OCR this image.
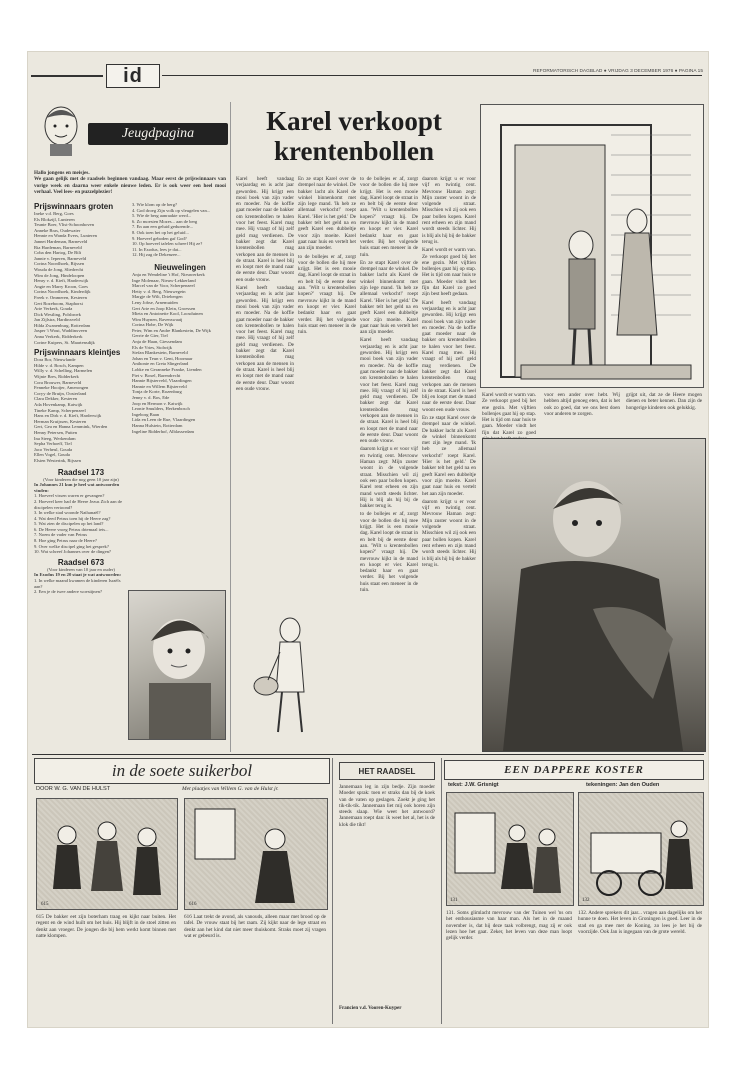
id	REFORMATORISCH DAGBLAD ● VRIJDAG 3 DECEMBER 1976 ● PAGINA 15
Jeugdpagina
Hallo jongens en meisjes.
We gaan gelijk met de raadsels beginnen vandaag. Maar eerst de prijswinnaars van vorige week en daarna weer enkele nieuwe leden. Er is ook weer een heel mooi verhaal. Veel lees- en puzzelplezier!
Prijswinnaars groten
Ineke v.d. Berg, Goes
Els Blokzijl, Lunteren
Teunie Boer, Vlist-Schoonhoven
Anneke Bras, Oudewater
Hennie en Wanda Evers, Lunteren
Jannet Hardeman, Barneveld
Ria Hardeman, Barneveld
Coba den Hartog, De Bilt
Jannie v. Ieperen, Barneveld
Corina Noordhoek, Rijssen
Wouda de Jong, Sliedrecht
Wim de Jong, Hindeloopen
Henry v. d. Kieft, Harderwijk
Angie en Marry Kroon, Goes
Corina Noordhoek, Kinderdijk
Freek v. Ommeren, Kesteren
Gert Rozeboom, Staphorst
Arie Verkerk, Gouda
Dick Westling, Polsbroek
Jan Zijlstra, Hardinxveld
Hilda Zwanenburg, Rotterdam
Jasper 't Wout, Waddinxveen
Anna Verkerk, Ridderkerk
Corine Kuipers, St. Maartensdijk
Prijswinnaars kleintjes
Dora Bor, Nieuwlande
Hilde v. d. Bosch, Kampen
Willy v. d. Schelling, Harmelen
Wijnie Bres, Ridderkerk
Cora Brouwer, Barneveld
Fenneke Hooijer, Amerongen
Coryy de Bruijn, Oosterland
Clara Dekker, Kesteren
Ada Hovenkamp, Katwijk
Tineke Kamp, Scherpenzeel
Hans en Dirk v. d. Kieft, Harderwijk
Herman Kruijssen, Kesteren
Gert, Gea en Hanna Lemmink, Wierden
Henny Petersen, Putten
Ina Steeg, Werkendam
Sepha Verhoeff, Tiel
Jaco Verheul, Gouda
Ellen Vogel, Gouda
Elsien Westerink, Rijssen
Raadsel 173
(Voor kinderen die nog geen 10 jaar zijn)
In Johannes 21 kun je heel wat antwoorden vinden:
1. Hoeveel vissen waren er gevangen?
2. Hoeveel keer had de Heere Jezus Zich aan de discipelen vertoond?
3. In welke stad woonde Nathanaël?
4. Wat deed Petrus toen hij de Heere zag?
5. Wat zien de discipelen op het land?
6. De Heere vroeg Petrus driemaal iets...
7. Noem de vader van Petrus
8. Hoe ging Petrus naar de Heere?
9. Over welke discipel ging het gesprek?
10. Wat schreef Johannes over de dingen?
Raadsel 673
(Voor kinderen van 10 jaar en ouder)
In Exodus 19 en 20 staat je wat antwoorden:
1. In welke maand kwamen de kinderen Israëls aan?
2. Een je de twee andere woestijnen?
3. Wie klom op de berg?
4. God droeg Zijn volk op vleugelen van...
5. Wie de berg aanraakte werd...
6. Zo moesten Mozes... aan de berg
7. En aan een geluid gedurende...
8. Ook toen het op het geluid...
9. Hoeveel geboden gaf God?
10. Op hoeveel tafelen schreef Hij ze?
11. In Exodus, lees je dat...
12. Hij zag de Dekenzee...
Nieuwelingen
Anja en Wendeline 't Hof, Nieuwerkerk
Inge Molenaar, Nieuw-Lekkerland
Marcel van de Voor, Scherpenzeel
Hetty v. d. Berg, Nieuwegein
Margje de Wilt, Driebergen
Leny Jobse, Arnemuiden
Gert Arie en Joop Klein, Groessen
Mieta en Antoinette Kool, Loosduinen
Wim Huynen, Ravenswaaij
Corina Hobe, De Wijk
Peter, Wim en Andre Blankestein, De Wijk
Gerrie de Gier, Tiel
Anja de Haan, Giessendam
Els de Vries, Stolwijk
Stefan Blankestein, Barneveld
Johan en Teun v. Gent, Hoornaar
Anthonie en Greta Slingerland
Lobke en Geranneke Franke, Lienden
Piet v. Boxel, Barendrecht
Hannie Bijsterveld, Vlaardingen
Hannie en Willem Bijsterveld
Tonja de Korte, Rozenburg
Jenny v. d. Bos, Ede
Joop en Hermon v. Katwijk
Leonie Smulders, Herkenbosch
Ingeborg Baan
Lida en Leen de Rue, Vlaardingen
Hanna Hulstein, Rotterdam
Ingeline Ridderhof, Alblasserdam
Karel verkoopt
krentenbollen

Karel heeft vandaag verjaardag en is acht jaar geworden. Hij krijgt een mooi boek van zijn vader en moeder. Na de koffie gaat moeder naar de bakker om krentenbollen te halen voor het feest. Karel mag mee. Hij vraagt of hij zelf geld mag verdienen. De bakker zegt dat Karel krentenbollen mag verkopen aan de mensen in de straat. Karel is heel blij en loopt met de mand naar de eerste deur. Daar woont een oude vrouw.

Karel heeft vandaag verjaardag en is acht jaar geworden. Hij krijgt een mooi boek van zijn vader en moeder. Na de koffie gaat moeder naar de bakker om krentenbollen te halen voor het feest. Karel mag mee. Hij vraagt of hij zelf geld mag verdienen. De bakker zegt dat Karel krentenbollen mag verkopen aan de mensen in de straat. Karel is heel blij en loopt met de mand naar de eerste deur. Daar woont een oude vrouw.

En ze stapt Karel over de drempel naar de winkel. De bakker lacht als Karel de winkel binnenkomt met zijn lege mand. 'Ik heb ze allemaal verkocht!' roept Karel. 'Hier is het geld.' De bakker telt het geld na en geeft Karel een dubbeltje voor zijn moeite. Karel gaat naar huis en vertelt het aan zijn moeder.

to de bollejes er af, zorgt voor de bollen die hij mee krijgt. Het is een mooie dag. Karel loopt de straat in en belt bij de eerste deur aan. 'Wilt u krentenbollen kopen?' vraagt hij. De mevrouw kijkt in de mand en koopt er vier. Karel bedankt haar en gaat verder. Bij het volgende huis staat een meneer in de tuin.

to de bollejes er af, zorgt voor de bollen die hij mee krijgt. Het is een mooie dag. Karel loopt de straat in en belt bij de eerste deur aan. 'Wilt u krentenbollen kopen?' vraagt hij. De mevrouw kijkt in de mand en koopt er vier. Karel bedankt haar en gaat verder. Bij het volgende huis staat een meneer in de tuin.

En ze stapt Karel over de drempel naar de winkel. De bakker lacht als Karel de winkel binnenkomt met zijn lege mand. 'Ik heb ze allemaal verkocht!' roept Karel. 'Hier is het geld.' De bakker telt het geld na en geeft Karel een dubbeltje voor zijn moeite. Karel gaat naar huis en vertelt het aan zijn moeder.

Karel heeft vandaag verjaardag en is acht jaar geworden. Hij krijgt een mooi boek van zijn vader en moeder. Na de koffie gaat moeder naar de bakker om krentenbollen te halen voor het feest. Karel mag mee. Hij vraagt of hij zelf geld mag verdienen. De bakker zegt dat Karel krentenbollen mag verkopen aan de mensen in de straat. Karel is heel blij en loopt met de mand naar de eerste deur. Daar woont een oude vrouw.

daarom krijgt u er voor vijf en twintig cent. Mevrouw Haman zegt: Mijn zuster woont in de volgende straat. Misschien wil zij ook een paar bollen kopen. Karel rent erheen en zijn mand wordt steeds lichter. Hij is blij als hij bij de bakker terug is.

to de bollejes er af, zorgt voor de bollen die hij mee krijgt. Het is een mooie dag. Karel loopt de straat in en belt bij de eerste deur aan. 'Wilt u krentenbollen kopen?' vraagt hij. De mevrouw kijkt in de mand en koopt er vier. Karel bedankt haar en gaat verder. Bij het volgende huis staat een meneer in de tuin.

daarom krijgt u er voor vijf en twintig cent. Mevrouw Haman zegt: Mijn zuster woont in de volgende straat. Misschien wil zij ook een paar bollen kopen. Karel rent erheen en zijn mand wordt steeds lichter. Hij is blij als hij bij de bakker terug is.

Karel wordt er warm van. Ze verkoopt goed bij het ene gezin. Met vijftien bollenjes gaat hij op stap. Het is tijd om naar huis te gaan. Moeder vindt het fijn dat Karel zo goed zijn best heeft gedaan.

Karel heeft vandaag verjaardag en is acht jaar geworden. Hij krijgt een mooi boek van zijn vader en moeder. Na de koffie gaat moeder naar de bakker om krentenbollen te halen voor het feest. Karel mag mee. Hij vraagt of hij zelf geld mag verdienen. De bakker zegt dat Karel krentenbollen mag verkopen aan de mensen in de straat. Karel is heel blij en loopt met de mand naar de eerste deur. Daar woont een oude vrouw.

En ze stapt Karel over de drempel naar de winkel. De bakker lacht als Karel de winkel binnenkomt met zijn lege mand. 'Ik heb ze allemaal verkocht!' roept Karel. 'Hier is het geld.' De bakker telt het geld na en geeft Karel een dubbeltje voor zijn moeite. Karel gaat naar huis en vertelt het aan zijn moeder.

daarom krijgt u er voor vijf en twintig cent. Mevrouw Haman zegt: Mijn zuster woont in de volgende straat. Misschien wil zij ook een paar bollen kopen. Karel rent erheen en zijn mand wordt steeds lichter. Hij is blij als hij bij de bakker terug is.

Karel wordt er warm van. Ze verkoopt goed bij het ene gezin. Met vijftien bollenjes gaat hij op stap. Het is tijd om naar huis te gaan. Moeder vindt het fijn dat Karel zo goed

voor een ander over hebt. Wij hebben altijd genoeg eten, dat is het ook zo goed, dat we ons best doen voor anderen te zorgen.
grijpt uit, dat ze de Heere mogen dienen en beter kennen. Dan zijn de hongerige kinderen ook gelukkig.
in de soete suikerbol
DOOR W. G. VAN DE HULST	Met plaatjes van Willem G. van de Hulst jr.
615	616
615 De bakker eet zijn boterham traag en kijkt naar buiten. Het regent en de wind huilt om het huis. Hij blijft in de stoel zitten en denkt aan vroeger. De jongen die bij hem werkt komt binnen met natte klompen.
616 Laat trekt de avond, als vanouds, alleen maar met brood op de tafel. De vrouw staat bij het raam. Zij kijkt naar de lege straat en denkt aan het kind dat niet meer thuiskomt. Straks moet zij vragen wat er gebeurd is.
HET RAADSEL
Jannemaan leg in zijn bedje. Zijn moeder Moeder sprak: toen er straks dan bij de koek van de vaten op geslagen. Zoekt je ging het tik-tik-tik. Jannemaan liet mij ook horen zijn steeds slaap. Wie weet het antwoord? Jannemaan roept dan: ik weet het al, het is de klok die tikt!
Francien v.d. Vooren-Kuyper
EEN DAPPERE KOSTER
tekst: J.W. Grisnigt	tekeningen: Jan den Ouden
131	132
131. Soms glimlacht mevrouw van der Tuinen wel 'ns om het enthousiasme van haar man. Als het in de maand november is, dat hij deze taak volbrengt, mag zij er ook lezen hoe het gaat. Zeker, het leven van deze man loopt gelijk verder.
132. Andere sprekers dit jaar... vragen aan dagelijks om het hunne te doen. Het leven in Groningen is goed. Leer in de stad en ga mee met de Koning, zo lees je het bij de voorzijde. Ook Jan is ingegaan van de grote wereld.
